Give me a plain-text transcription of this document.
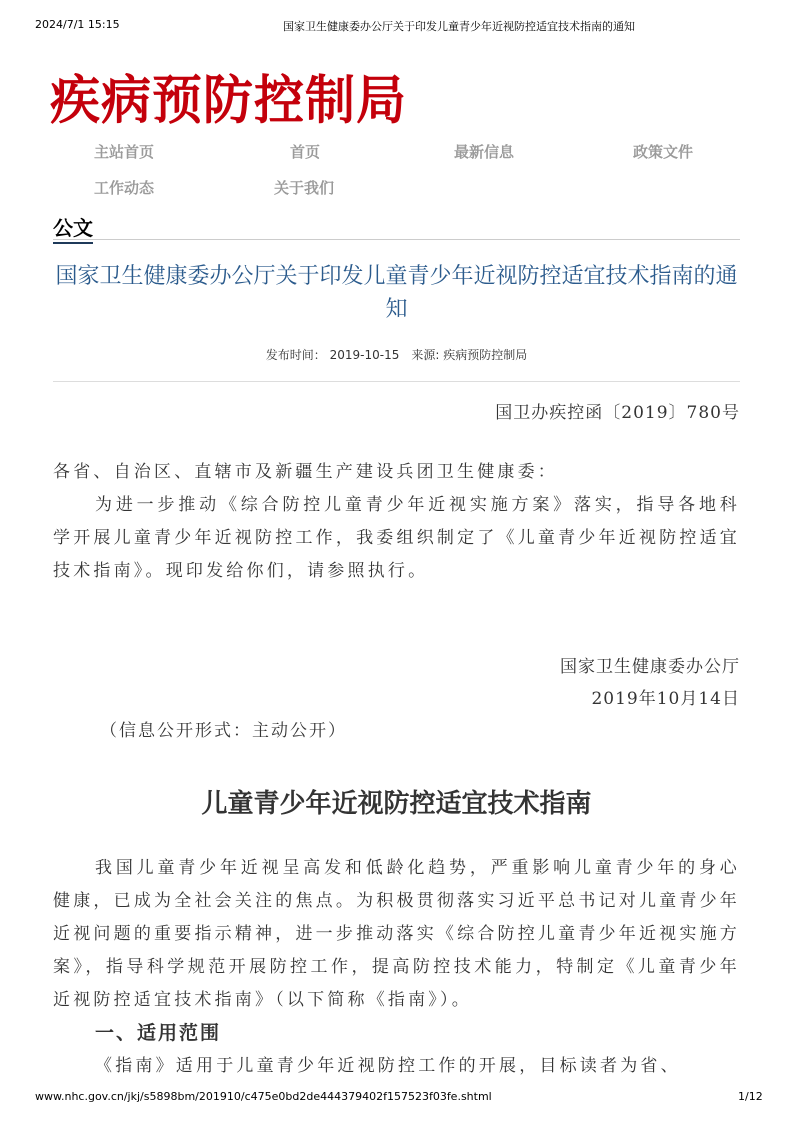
2024/7/1 15:15	国家卫生健康委办公厅关于印发儿童青少年近视防控适宜技术指南的通知
疾病预防控制局
主站首页	首页	最新信息	政策文件
工作动态	关于我们
公文
国家卫生健康委办公厅关于印发儿童青少年近视防控适宜技术指南的通知
发布时间： 2019-10-15　来源: 疾病预防控制局
国卫办疾控函〔2019〕780号

各省、自治区、直辖市及新疆生产建设兵团卫生健康委：

为进一步推动《综合防控儿童青少年近视实施方案》落实，指导各地科学开展儿童青少年近视防控工作，我委组织制定了《儿童青少年近视防控适宜技术指南》。现印发给你们，请参照执行。

国家卫生健康委办公厅
2019年10月14日
（信息公开形式：主动公开）
儿童青少年近视防控适宜技术指南

我国儿童青少年近视呈高发和低龄化趋势，严重影响儿童青少年的身心健康，已成为全社会关注的焦点。为积极贯彻落实习近平总书记对儿童青少年近视问题的重要指示精神，进一步推动落实《综合防控儿童青少年近视实施方案》，指导科学规范开展防控工作，提高防控技术能力，特制定《儿童青少年近视防控适宜技术指南》（以下简称《指南》）。

一、适用范围

《指南》适用于儿童青少年近视防控工作的开展，目标读者为省、

www.nhc.gov.cn/jkj/s5898bm/201910/c475e0bd2de444379402f157523f03fe.shtml	1/12
